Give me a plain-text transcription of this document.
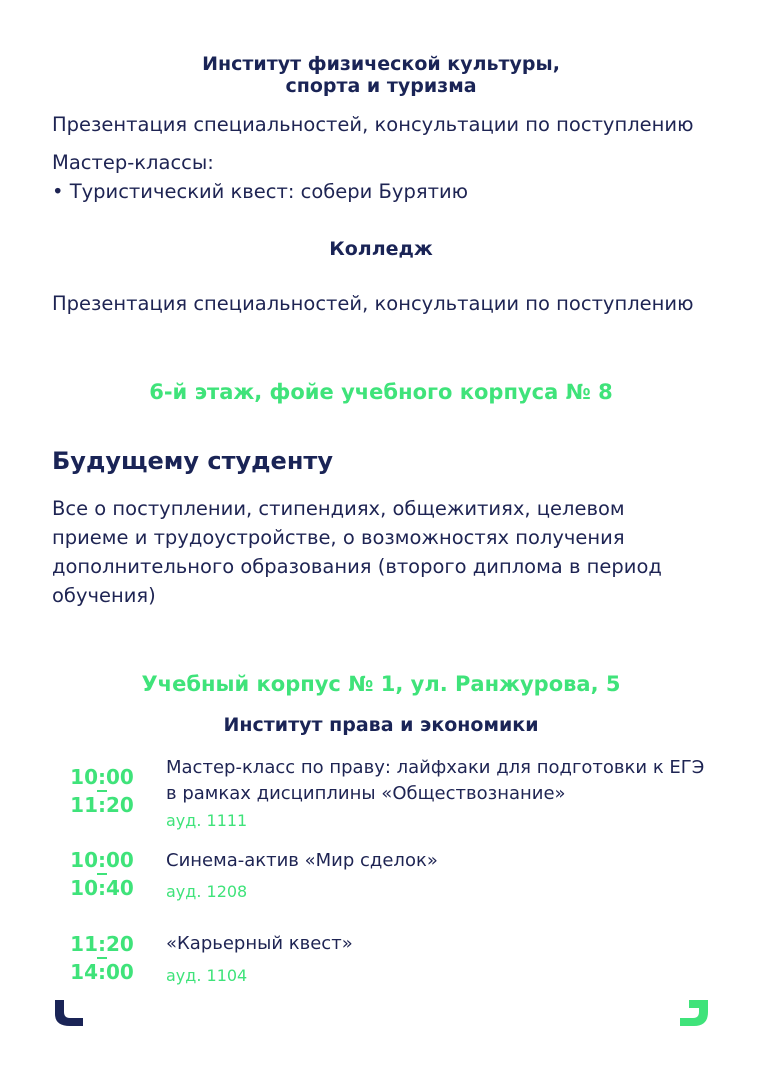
Институт физической культуры,
спорта и туризма
Презентация специальностей, консультации по поступлению
Мастер-классы:
• Туристический квест: собери Бурятию
Колледж
Презентация специальностей, консультации по поступлению
6-й этаж, фойе учебного корпуса № 8
Будущему студенту
Все о поступлении, стипендиях, общежитиях, целевом
приеме и трудоустройстве, о возможностях получения
дополнительного образования (второго диплома в период
обучения)
Учебный корпус № 1, ул. Ранжурова, 5
Институт права и экономики
10:00
11:20
Мастер-класс по праву: лайфхаки для подготовки к ЕГЭ
в рамках дисциплины «Обществознание»
ауд. 1111
10:00
10:40
Синема-актив «Мир сделок»
ауд. 1208
11:20
14:00
«Карьерный квест»
ауд. 1104
